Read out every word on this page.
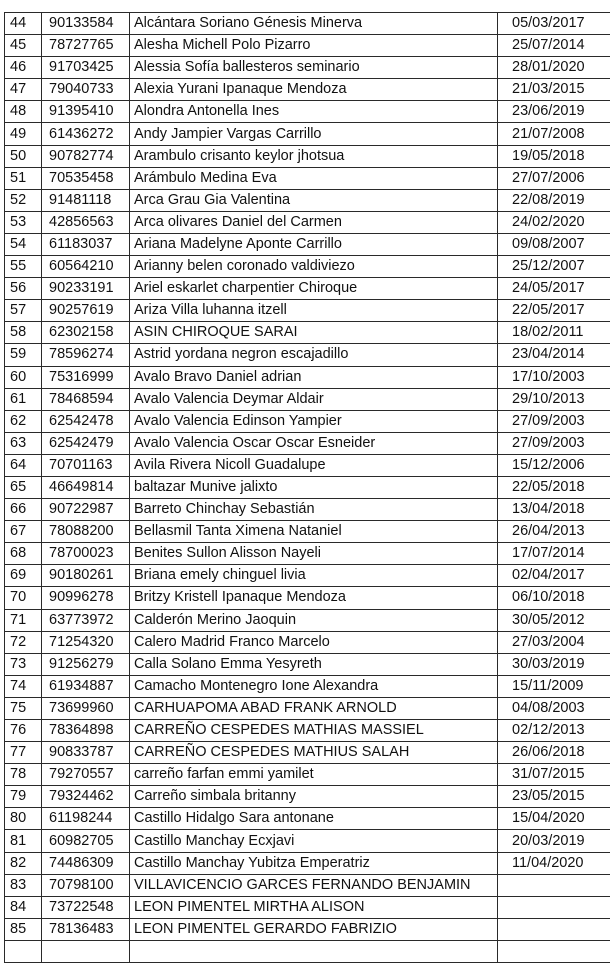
44	90133584	Alcántara Soriano Génesis Minerva	05/03/2017
45	78727765	Alesha Michell Polo Pizarro	25/07/2014
46	91703425	Alessia Sofía ballesteros seminario	28/01/2020
47	79040733	Alexia Yurani Ipanaque Mendoza	21/03/2015
48	91395410	Alondra Antonella Ines	23/06/2019
49	61436272	Andy Jampier Vargas Carrillo	21/07/2008
50	90782774	Arambulo crisanto keylor jhotsua	19/05/2018
51	70535458	Arámbulo Medina Eva	27/07/2006
52	91481118	Arca Grau Gia Valentina	22/08/2019
53	42856563	Arca olivares Daniel del Carmen	24/02/2020
54	61183037	Ariana Madelyne Aponte Carrillo	09/08/2007
55	60564210	Arianny belen coronado valdiviezo	25/12/2007
56	90233191	Ariel eskarlet charpentier Chiroque	24/05/2017
57	90257619	Ariza Villa luhanna itzell	22/05/2017
58	62302158	ASIN CHIROQUE SARAI	18/02/2011
59	78596274	Astrid yordana negron escajadillo	23/04/2014
60	75316999	Avalo Bravo Daniel adrian	17/10/2003
61	78468594	Avalo Valencia Deymar Aldair	29/10/2013
62	62542478	Avalo Valencia Edinson Yampier	27/09/2003
63	62542479	Avalo Valencia Oscar Oscar Esneider	27/09/2003
64	70701163	Avila Rivera Nicoll Guadalupe	15/12/2006
65	46649814	baltazar Munive jalixto	22/05/2018
66	90722987	Barreto Chinchay Sebastián	13/04/2018
67	78088200	Bellasmil Tanta Ximena Nataniel	26/04/2013
68	78700023	Benites Sullon Alisson Nayeli	17/07/2014
69	90180261	Briana emely chinguel livia	02/04/2017
70	90996278	Britzy Kristell Ipanaque Mendoza	06/10/2018
71	63773972	Calderón Merino Jaoquin	30/05/2012
72	71254320	Calero Madrid Franco Marcelo	27/03/2004
73	91256279	Calla Solano Emma Yesyreth	30/03/2019
74	61934887	Camacho Montenegro Ione Alexandra	15/11/2009
75	73699960	CARHUAPOMA ABAD FRANK ARNOLD	04/08/2003
76	78364898	CARREÑO CESPEDES MATHIAS MASSIEL	02/12/2013
77	90833787	CARREÑO CESPEDES MATHIUS SALAH	26/06/2018
78	79270557	carreño farfan emmi yamilet	31/07/2015
79	79324462	Carreño simbala britanny	23/05/2015
80	61198244	Castillo Hidalgo Sara antonane	15/04/2020
81	60982705	Castillo Manchay Ecxjavi	20/03/2019
82	74486309	Castillo Manchay Yubitza Emperatriz	11/04/2020
83	70798100	VILLAVICENCIO GARCES FERNANDO BENJAMIN	
84	73722548	LEON PIMENTEL MIRTHA ALISON	
85	78136483	LEON PIMENTEL GERARDO FABRIZIO	
